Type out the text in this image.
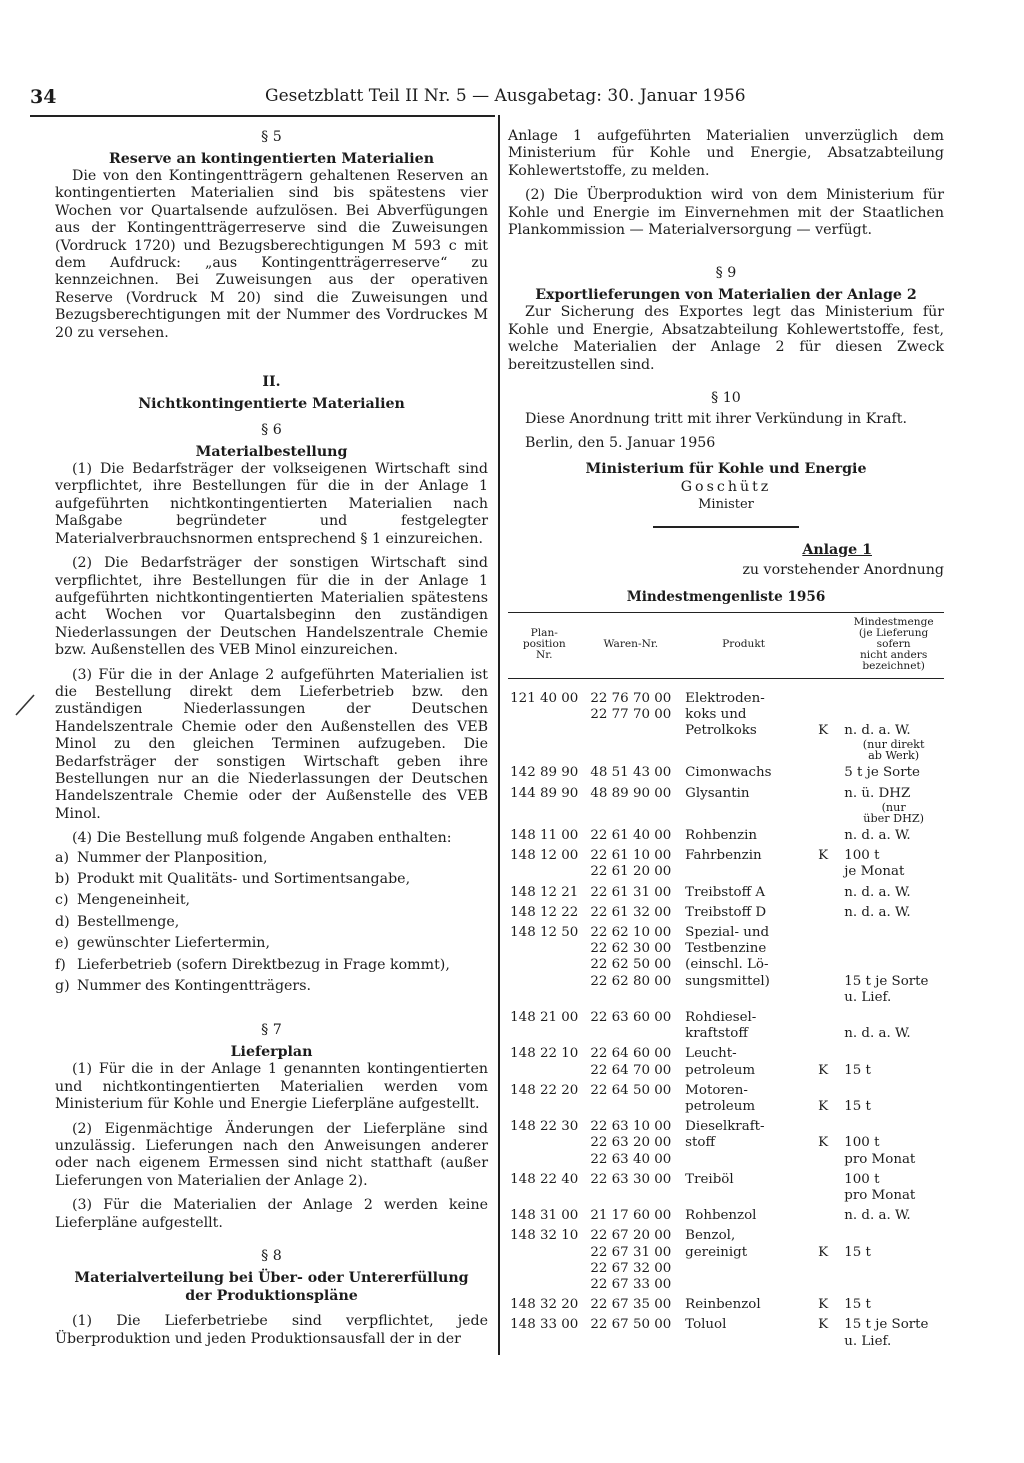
34	Gesetzblatt Teil II Nr. 5 — Ausgabetag: 30. Januar 1956

§ 5

Reserve an kontingentierten Materialien

Die von den Kontingentträgern gehaltenen Reserven an kontingentierten Materialien sind bis spätestens vier Wochen vor Quartalsende aufzulösen. Bei Abverfügungen aus der Kontingentträgerreserve sind die Zuweisungen (Vordruck 1720) und Bezugsberechtigungen M 593 c mit dem Aufdruck: „aus Kontingentträgerreserve“ zu kennzeichnen. Bei Zuweisungen aus der operativen Reserve (Vordruck M 20) sind die Zuweisungen und Bezugsberechtigungen mit der Nummer des Vordruckes M 20 zu versehen.

II.

Nichtkontingentierte Materialien

§ 6

Materialbestellung

(1) Die Bedarfsträger der volkseigenen Wirtschaft sind verpflichtet, ihre Bestellungen für die in der Anlage 1 aufgeführten nichtkontingentierten Materialien nach Maßgabe begründeter und festgelegter Materialverbrauchsnormen entsprechend § 1 einzureichen.

(2) Die Bedarfsträger der sonstigen Wirtschaft sind verpflichtet, ihre Bestellungen für die in der Anlage 1 aufgeführten nichtkontingentierten Materialien spätestens acht Wochen vor Quartalsbeginn den zuständigen Niederlassungen der Deutschen Handelszentrale Chemie bzw. Außenstellen des VEB Minol einzureichen.

(3) Für die in der Anlage 2 aufgeführten Materialien ist die Bestellung direkt dem Lieferbetrieb bzw. den zuständigen Niederlassungen der Deutschen Handelszentrale Chemie oder den Außenstellen des VEB Minol zu den gleichen Terminen aufzugeben. Die Bedarfsträger der sonstigen Wirtschaft geben ihre Bestellungen nur an die Niederlassungen der Deutschen Handelszentrale Chemie oder der Außenstelle des VEB Minol.

(4) Die Bestellung muß folgende Angaben enthalten:

a) Nummer der Planposition,
b) Produkt mit Qualitäts- und Sortimentsangabe,
c) Mengeneinheit,
d) Bestellmenge,
e) gewünschter Liefertermin,
f) Lieferbetrieb (sofern Direktbezug in Frage kommt),
g) Nummer des Kontingentträgers.

§ 7

Lieferplan

(1) Für die in der Anlage 1 genannten kontingentierten und nichtkontingentierten Materialien werden vom Ministerium für Kohle und Energie Lieferpläne aufgestellt.

(2) Eigenmächtige Änderungen der Lieferpläne sind unzulässig. Lieferungen nach den Anweisungen anderer oder nach eigenem Ermessen sind nicht statthaft (außer Lieferungen von Materialien der Anlage 2).

(3) Für die Materialien der Anlage 2 werden keine Lieferpläne aufgestellt.

§ 8

Materialverteilung bei Über- oder Untererfüllung

der Produktionspläne

(1) Die Lieferbetriebe sind verpflichtet, jede Überproduktion und jeden Produktionsausfall der in der

Anlage 1 aufgeführten Materialien unverzüglich dem Ministerium für Kohle und Energie, Absatzabteilung Kohlewertstoffe, zu melden.

(2) Die Überproduktion wird von dem Ministerium für Kohle und Energie im Einvernehmen mit der Staatlichen Plankommission — Materialversorgung — verfügt.

§ 9

Exportlieferungen von Materialien der Anlage 2

Zur Sicherung des Exportes legt das Ministerium für Kohle und Energie, Absatzabteilung Kohlewertstoffe, fest, welche Materialien der Anlage 2 für diesen Zweck bereitzustellen sind.

§ 10

Diese Anordnung tritt mit ihrer Verkündung in Kraft.

Berlin, den 5. Januar 1956

Ministerium für Kohle und Energie

Goschütz

Minister

Anlage 1

zu vorstehender Anordnung

Mindestmengenliste 1956

Plan-
position
Nr.	Waren-Nr.	Produkt		Mindestmenge
(je Lieferung
sofern
nicht anders
bezeichnet)

121 40 00	22 76 70 00
22 77 70 00	Elektroden-
koks und
Petrolkoks	K	n. d. a. W.
(nur direkt
ab Werk)

142 89 90	48 51 43 00	Cimonwachs		5 t je Sorte

144 89 90	48 89 90 00	Glysantin		n. ü. DHZ
(nur
über DHZ)

148 11 00	22 61 40 00	Rohbenzin		n. d. a. W.

148 12 00	22 61 10 00
22 61 20 00	Fahrbenzin	K	100 t
je Monat

148 12 21	22 61 31 00	Treibstoff A		n. d. a. W.

148 12 22	22 61 32 00	Treibstoff D		n. d. a. W.

148 12 50	22 62 10 00
22 62 30 00
22 62 50 00
22 62 80 00	Spezial- und
Testbenzine
(einschl. Lö-
sungsmittel)		15 t je Sorte
u. Lief.

148 21 00	22 63 60 00	Rohdiesel-
kraftstoff		n. d. a. W.

148 22 10	22 64 60 00
22 64 70 00	Leucht-
petroleum	K	15 t

148 22 20	22 64 50 00	Motoren-
petroleum	K	15 t

148 22 30	22 63 10 00
22 63 20 00
22 63 40 00	Dieselkraft-
stoff	K	100 t
pro Monat

148 22 40	22 63 30 00	Treiböl		100 t
pro Monat

148 31 00	21 17 60 00	Rohbenzol		n. d. a. W.

148 32 10	22 67 20 00
22 67 31 00
22 67 32 00
22 67 33 00	Benzol,
gereinigt	K	15 t

148 32 20	22 67 35 00	Reinbenzol	K	15 t

148 33 00	22 67 50 00	Toluol	K	15 t je Sorte
u. Lief.
